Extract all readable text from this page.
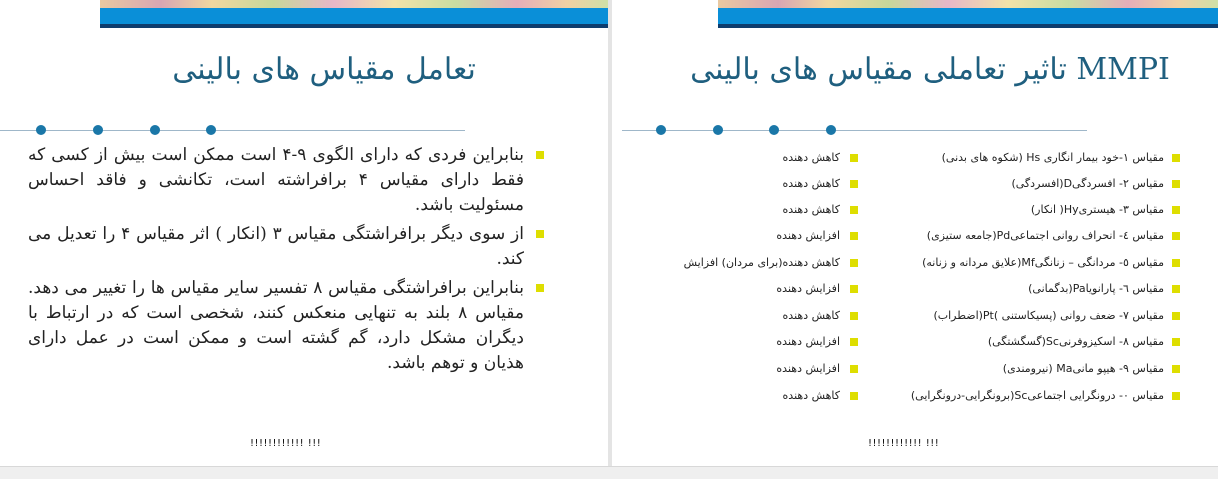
تعامل مقیاس های بالینی
بنابراین فردی که دارای الگوی ۹-۴ است ممکن است بیش از کسی که فقط دارای مقیاس ۴ برافراشته است، تکانشی و فاقد احساس مسئولیت باشد.
از سوی دیگر برافراشتگی مقیاس ۳ (انکار ) اثر مقیاس ۴ را تعدیل می کند.
بنابراین برافراشتگی مقیاس ۸ تفسیر سایر مقیاس ها را تغییر می دهد. مقیاس ۸ بلند به تنهایی منعکس کنند، شخصی است که در ارتباط با دیگران مشکل دارد، گم گشته است و ممکن است در عمل دارای هذیان و توهم باشد.
!!!!!!!!!!!! !!!
تاثیر تعاملی مقیاس های بالینی MMPI
مقیاس ۱-خود بیمار انگاری Hs (شکوه های بدنی)
کاهش دهنده
مقیاس ۲- افسردگیD(افسردگی)
کاهش دهنده
مقیاس ۳- هیستریHy( انکار)
کاهش دهنده
مقیاس ٤- انحراف روانی اجتماعیPd(جامعه ستیزی)
افزایش دهنده
مقیاس ٥- مردانگی – زنانگیMf(علایق مردانه و زنانه)
کاهش دهنده(برای مردان) افزایش
مقیاس ٦- پارانویاPa(بدگمانی)
افزایش دهنده
مقیاس ۷- ضعف روانی (پسیکاستنی )Pt(اضطراب)
کاهش دهنده
مقیاس ۸- اسکیزوفرنیSc(گسگشتگی)
افزایش دهنده
مقیاس ۹- هیپو مانیMa (نیرومندی)
افزایش دهنده
مقیاس ۰- درونگرایی اجتماعیSc(برونگرایی-درونگرایی)
کاهش دهنده
!!!!!!!!!!!! !!!
